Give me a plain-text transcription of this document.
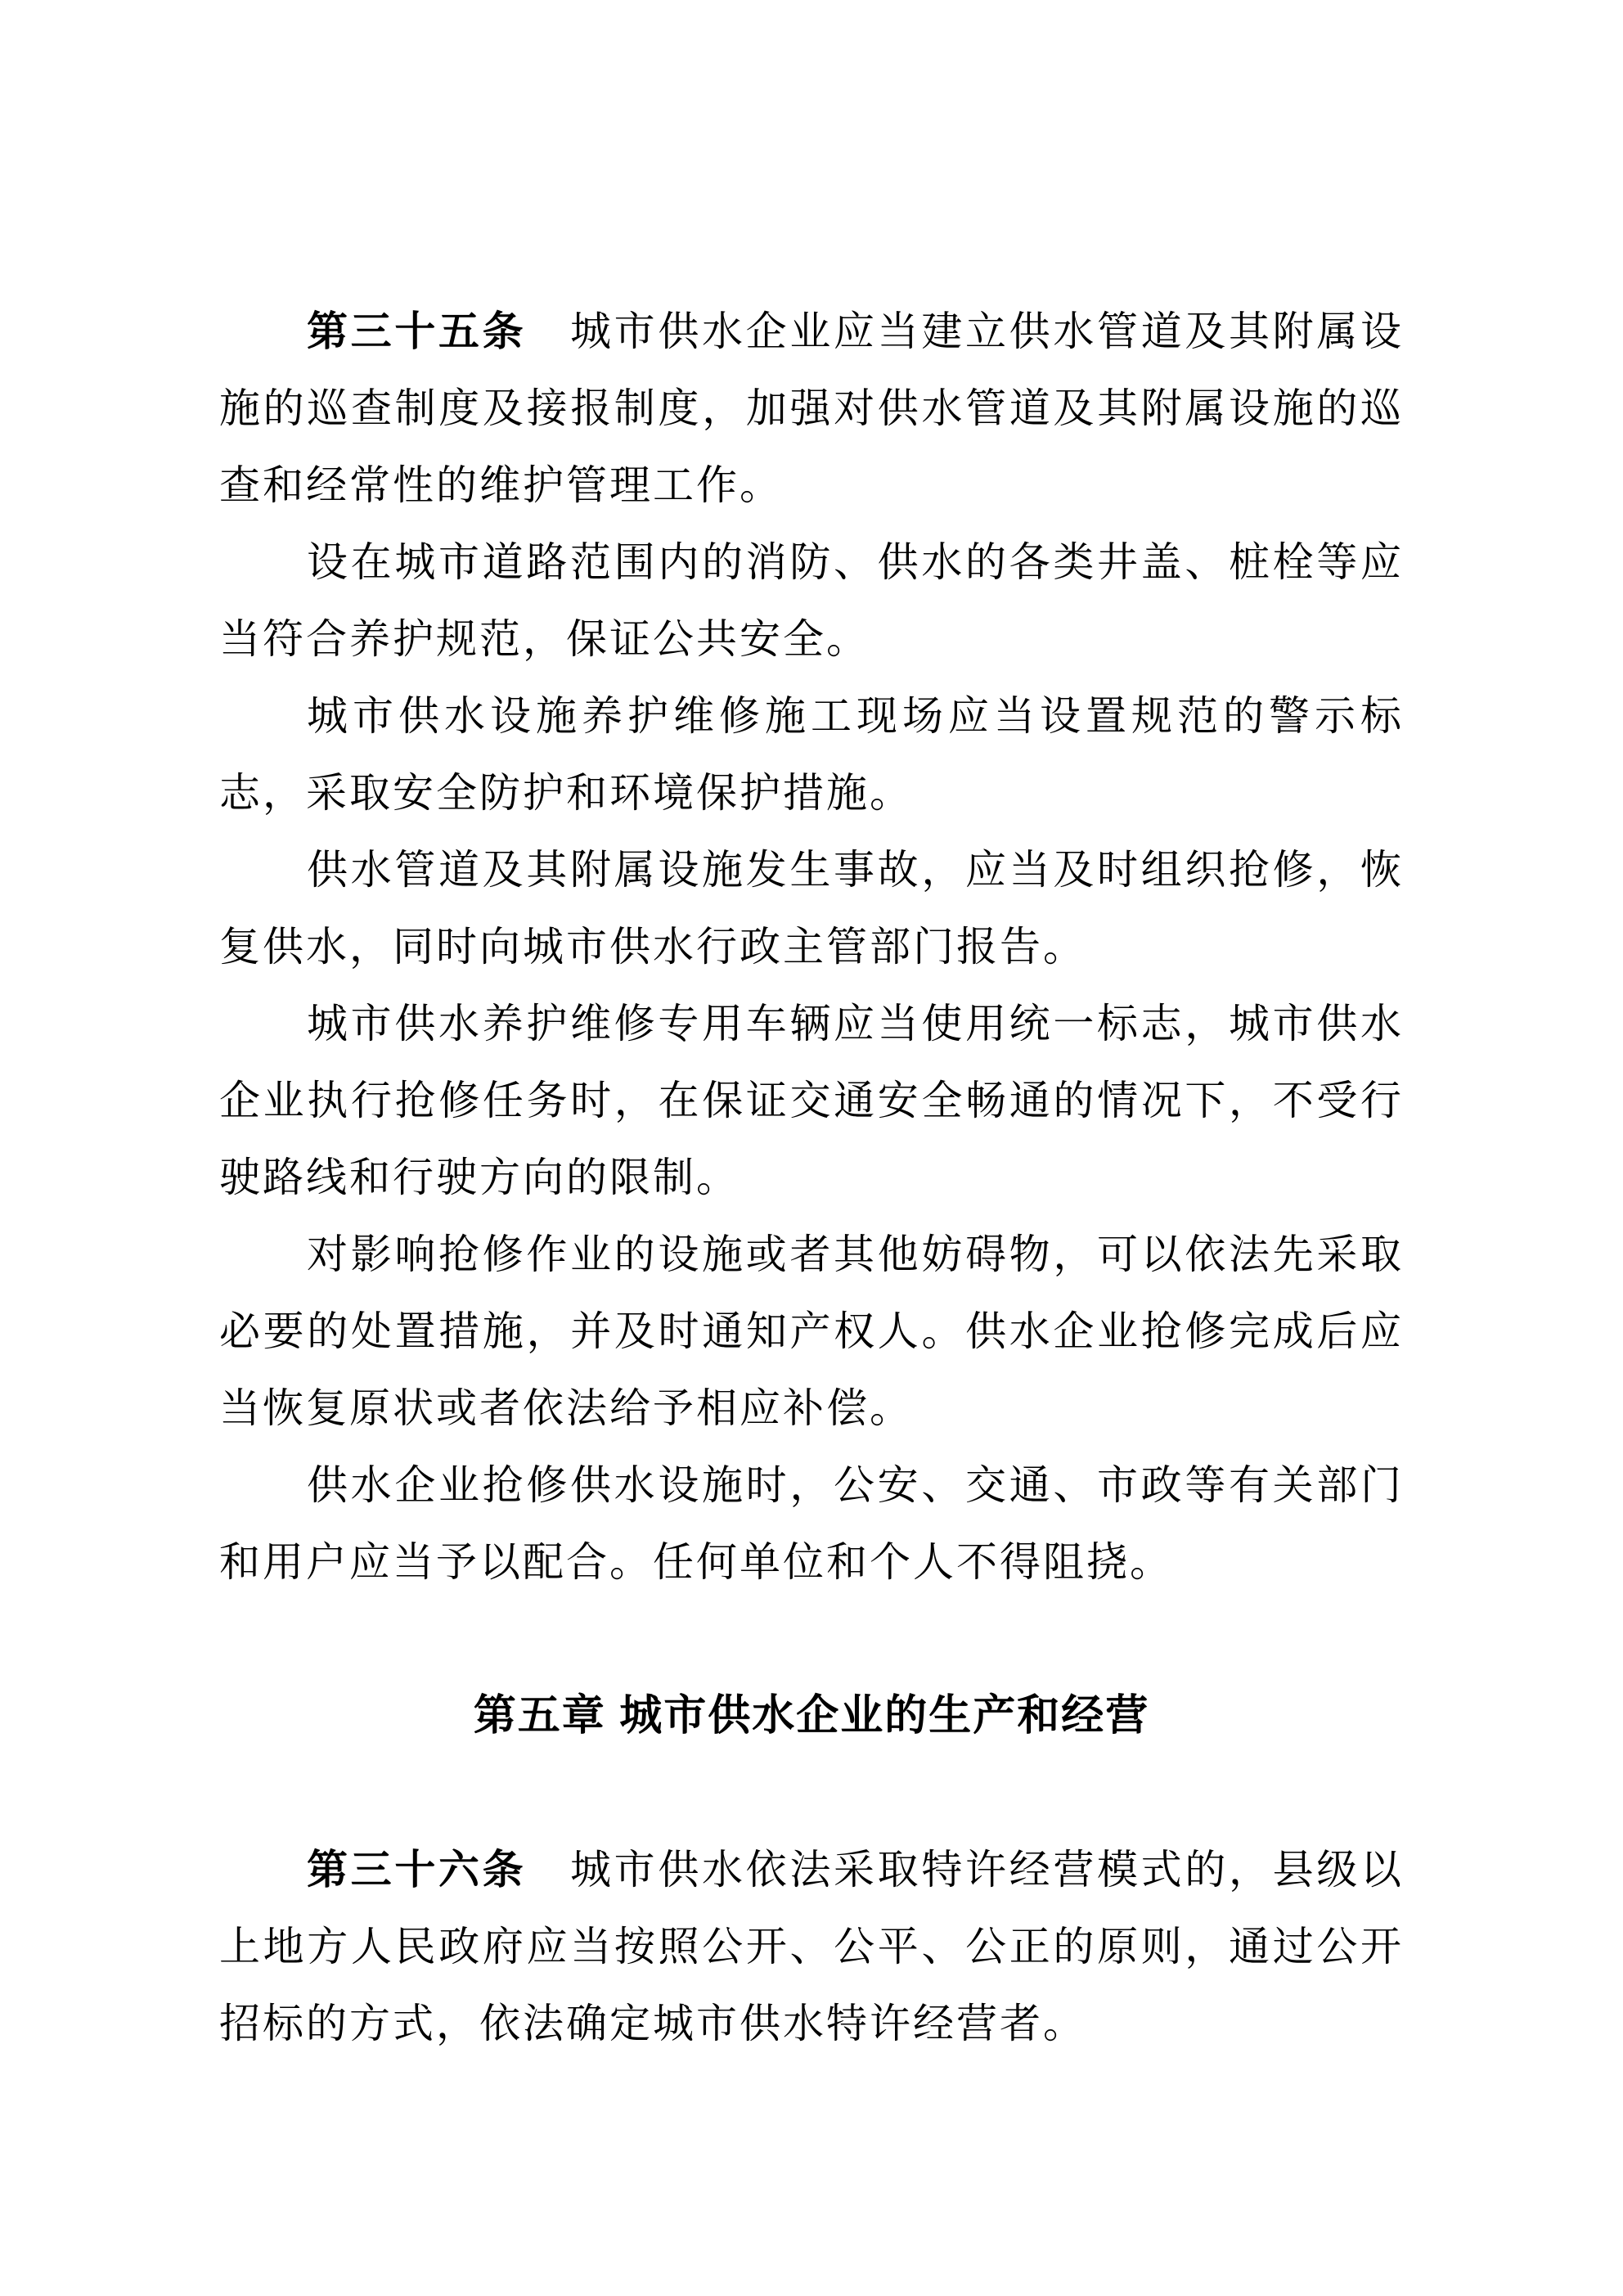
第三十五条　城市供水企业应当建立供水管道及其附属设施的巡查制度及接报制度，加强对供水管道及其附属设施的巡查和经常性的维护管理工作。

设在城市道路范围内的消防、供水的各类井盖、桩栓等应当符合养护规范，保证公共安全。

城市供水设施养护维修施工现场应当设置规范的警示标志，采取安全防护和环境保护措施。

供水管道及其附属设施发生事故，应当及时组织抢修，恢复供水，同时向城市供水行政主管部门报告。

城市供水养护维修专用车辆应当使用统一标志，城市供水企业执行抢修任务时，在保证交通安全畅通的情况下，不受行驶路线和行驶方向的限制。

对影响抢修作业的设施或者其他妨碍物，可以依法先采取必要的处置措施，并及时通知产权人。供水企业抢修完成后应当恢复原状或者依法给予相应补偿。

供水企业抢修供水设施时，公安、交通、市政等有关部门和用户应当予以配合。任何单位和个人不得阻挠。

第五章 城市供水企业的生产和经营

第三十六条　城市供水依法采取特许经营模式的，县级以上地方人民政府应当按照公开、公平、公正的原则，通过公开招标的方式，依法确定城市供水特许经营者。
